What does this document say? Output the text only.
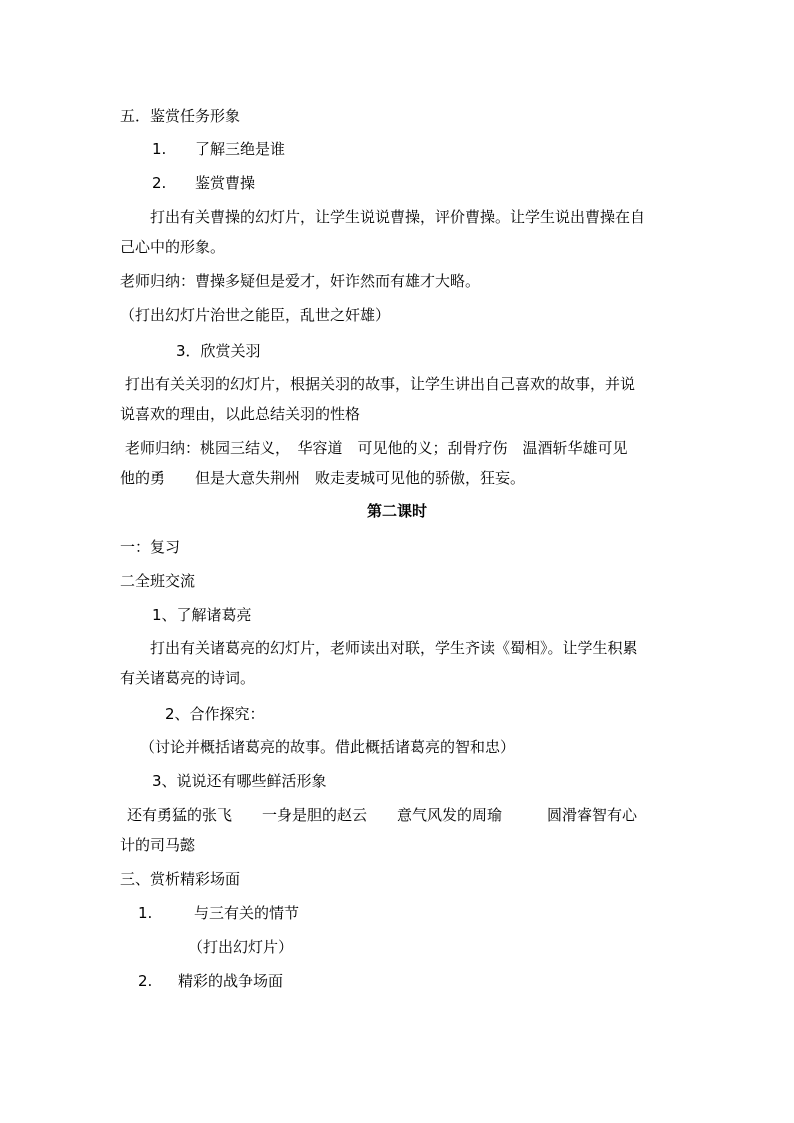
五．鉴赏任务形象
1. 了解三绝是谁
2. 鉴赏曹操
打出有关曹操的幻灯片，让学生说说曹操，评价曹操。让学生说出曹操在自
己心中的形象。
老师归纳：曹操多疑但是爱才，奸诈然而有雄才大略。
（打出幻灯片治世之能臣，乱世之奸雄）
3．欣赏关羽
打出有关关羽的幻灯片，根据关羽的故事，让学生讲出自己喜欢的故事，并说
说喜欢的理由，以此总结关羽的性格
老师归纳：桃园三结义，　华容道　可见他的义；刮骨疗伤　温酒斩华雄可见
他的勇　　但是大意失荆州　败走麦城可见他的骄傲，狂妄。
第二课时
一：复习
二全班交流
1、了解诸葛亮
打出有关诸葛亮的幻灯片，老师读出对联，学生齐读《蜀相》。让学生积累
有关诸葛亮的诗词。
2、合作探究：
（讨论并概括诸葛亮的故事。借此概括诸葛亮的智和忠）
3、说说还有哪些鲜活形象
还有勇猛的张飞　　一身是胆的赵云　　意气风发的周瑜　　　圆滑睿智有心
计的司马懿
三、赏析精彩场面
1.	与三有关的情节
（打出幻灯片）
2. 精彩的战争场面
